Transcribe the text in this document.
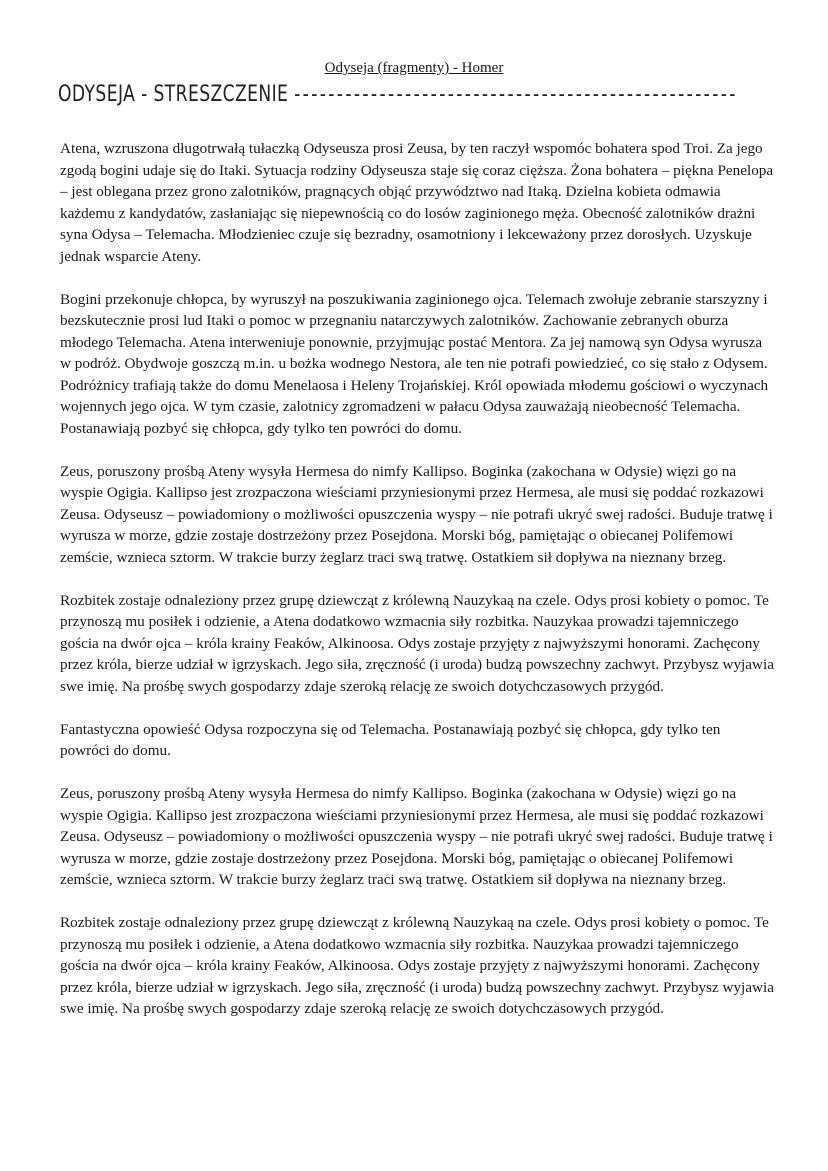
Odyseja (fragmenty) - Homer
ODYSEJA - STRESZCZENIE ----------------------------------------------------

Atena, wzruszona długotrwałą tułaczką Odyseusza prosi Zeusa, by ten raczył wspomóc bohatera spod Troi. Za jego
zgodą bogini udaje się do Itaki. Sytuacja rodziny Odyseusza staje się coraz cięższa. Żona bohatera – piękna Penelopa
– jest oblegana przez grono zalotników, pragnących objąć przywództwo nad Itaką. Dzielna kobieta odmawia
każdemu z kandydatów, zasłaniając się niepewnością co do losów zaginionego męża. Obecność zalotników drażni
syna Odysa – Telemacha. Młodzieniec czuje się bezradny, osamotniony i lekceważony przez dorosłych. Uzyskuje
jednak wsparcie Ateny.

Bogini przekonuje chłopca, by wyruszył na poszukiwania zaginionego ojca. Telemach zwołuje zebranie starszyzny i
bezskutecznie prosi lud Itaki o pomoc w przegnaniu natarczywych zalotników. Zachowanie zebranych oburza
młodego Telemacha. Atena interweniuje ponownie, przyjmując postać Mentora. Za jej namową syn Odysa wyrusza
w podróż. Obydwoje goszczą m.in. u bożka wodnego Nestora, ale ten nie potrafi powiedzieć, co się stało z Odysem.
Podróżnicy trafiają także do domu Menelaosa i Heleny Trojańskiej. Król opowiada młodemu gościowi o wyczynach
wojennych jego ojca. W tym czasie, zalotnicy zgromadzeni w pałacu Odysa zauważają nieobecność Telemacha.
Postanawiają pozbyć się chłopca, gdy tylko ten powróci do domu.

Zeus, poruszony prośbą Ateny wysyła Hermesa do nimfy Kallipso. Boginka (zakochana w Odysie) więzi go na
wyspie Ogigia. Kallipso jest zrozpaczona wieściami przyniesionymi przez Hermesa, ale musi się poddać rozkazowi
Zeusa. Odyseusz – powiadomiony o możliwości opuszczenia wyspy – nie potrafi ukryć swej radości. Buduje tratwę i
wyrusza w morze, gdzie zostaje dostrzeżony przez Posejdona. Morski bóg, pamiętając o obiecanej Polifemowi
zemście, wznieca sztorm. W trakcie burzy żeglarz traci swą tratwę. Ostatkiem sił dopływa na nieznany brzeg.

Rozbitek zostaje odnaleziony przez grupę dziewcząt z królewną Nauzykaą na czele. Odys prosi kobiety o pomoc. Te
przynoszą mu posiłek i odzienie, a Atena dodatkowo wzmacnia siły rozbitka. Nauzykaa prowadzi tajemniczego
gościa na dwór ojca – króla krainy Feaków, Alkinoosa. Odys zostaje przyjęty z najwyższymi honorami. Zachęcony
przez króla, bierze udział w igrzyskach. Jego siła, zręczność (i uroda) budzą powszechny zachwyt. Przybysz wyjawia
swe imię. Na prośbę swych gospodarzy zdaje szeroką relację ze swoich dotychczasowych przygód.

Fantastyczna opowieść Odysa rozpoczyna się od Telemacha. Postanawiają pozbyć się chłopca, gdy tylko ten
powróci do domu.

Zeus, poruszony prośbą Ateny wysyła Hermesa do nimfy Kallipso. Boginka (zakochana w Odysie) więzi go na
wyspie Ogigia. Kallipso jest zrozpaczona wieściami przyniesionymi przez Hermesa, ale musi się poddać rozkazowi
Zeusa. Odyseusz – powiadomiony o możliwości opuszczenia wyspy – nie potrafi ukryć swej radości. Buduje tratwę i
wyrusza w morze, gdzie zostaje dostrzeżony przez Posejdona. Morski bóg, pamiętając o obiecanej Polifemowi
zemście, wznieca sztorm. W trakcie burzy żeglarz traci swą tratwę. Ostatkiem sił dopływa na nieznany brzeg.

Rozbitek zostaje odnaleziony przez grupę dziewcząt z królewną Nauzykaą na czele. Odys prosi kobiety o pomoc. Te
przynoszą mu posiłek i odzienie, a Atena dodatkowo wzmacnia siły rozbitka. Nauzykaa prowadzi tajemniczego
gościa na dwór ojca – króla krainy Feaków, Alkinoosa. Odys zostaje przyjęty z najwyższymi honorami. Zachęcony
przez króla, bierze udział w igrzyskach. Jego siła, zręczność (i uroda) budzą powszechny zachwyt. Przybysz wyjawia
swe imię. Na prośbę swych gospodarzy zdaje szeroką relację ze swoich dotychczasowych przygód.
